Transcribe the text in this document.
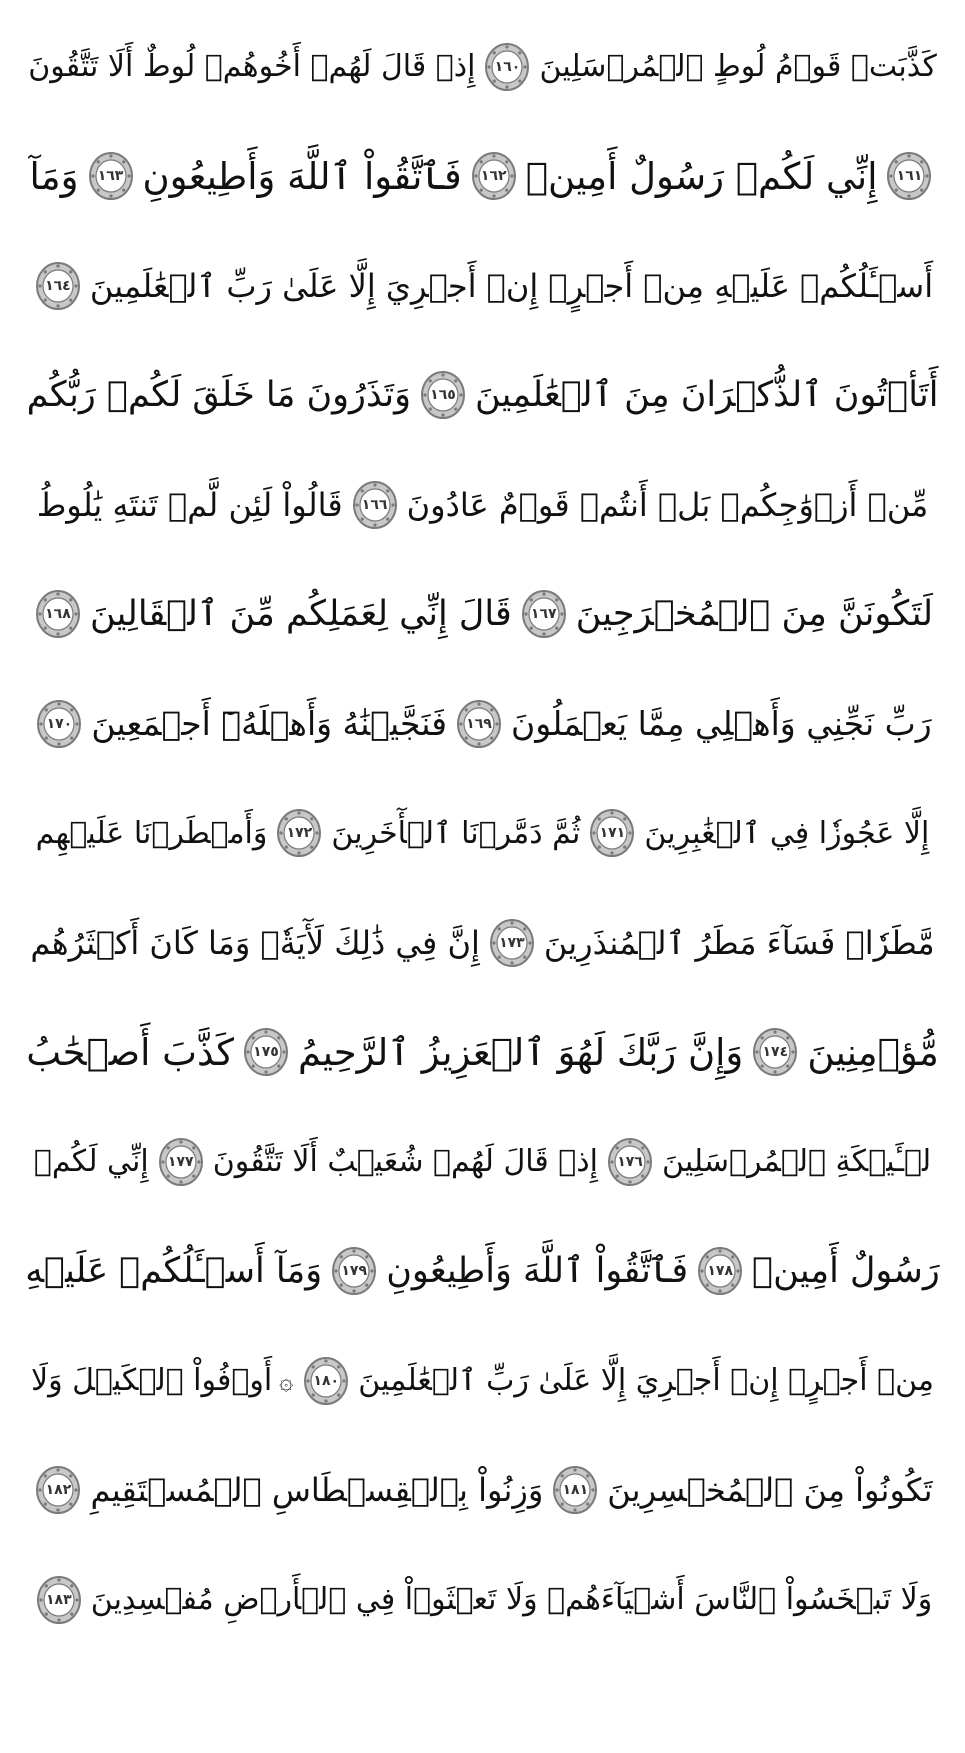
كَذَّبَتۡ قَوۡمُ لُوطٍ ٱلۡمُرۡسَلِينَ
١٦٠
إِذۡ قَالَ لَهُمۡ أَخُوهُمۡ لُوطٌ أَلَا تَتَّقُونَ
١٦١
إِنِّي لَكُمۡ رَسُولٌ أَمِينٞ
١٦٢
فَٱتَّقُواْ ٱللَّهَ وَأَطِيعُونِ
١٦٣
وَمَآ
أَسۡـَٔلُكُمۡ عَلَيۡهِ مِنۡ أَجۡرٍۖ إِنۡ أَجۡرِيَ إِلَّا عَلَىٰ رَبِّ ٱلۡعَٰلَمِينَ
١٦٤
أَتَأۡتُونَ ٱلذُّكۡرَانَ مِنَ ٱلۡعَٰلَمِينَ
١٦٥
وَتَذَرُونَ مَا خَلَقَ لَكُمۡ رَبُّكُم
مِّنۡ أَزۡوَٰجِكُمۚ بَلۡ أَنتُمۡ قَوۡمٌ عَادُونَ
١٦٦
قَالُواْ لَئِن لَّمۡ تَنتَهِ يَٰلُوطُ
لَتَكُونَنَّ مِنَ ٱلۡمُخۡرَجِينَ
١٦٧
قَالَ إِنِّي لِعَمَلِكُم مِّنَ ٱلۡقَالِينَ
١٦٨
رَبِّ نَجِّنِي وَأَهۡلِي مِمَّا يَعۡمَلُونَ
١٦٩
فَنَجَّيۡنَٰهُ وَأَهۡلَهُۥٓ أَجۡمَعِينَ
١٧٠
إِلَّا عَجُوزٗا فِي ٱلۡغَٰبِرِينَ
١٧١
ثُمَّ دَمَّرۡنَا ٱلۡأٓخَرِينَ
١٧٢
وَأَمۡطَرۡنَا عَلَيۡهِم
مَّطَرٗاۖ فَسَآءَ مَطَرُ ٱلۡمُنذَرِينَ
١٧٣
إِنَّ فِي ذَٰلِكَ لَأٓيَةٗۖ وَمَا كَانَ أَكۡثَرُهُم
مُّؤۡمِنِينَ
١٧٤
وَإِنَّ رَبَّكَ لَهُوَ ٱلۡعَزِيزُ ٱلرَّحِيمُ
١٧٥
كَذَّبَ أَصۡحَٰبُ
لۡـَٔيۡكَةِ ٱلۡمُرۡسَلِينَ
١٧٦
إِذۡ قَالَ لَهُمۡ شُعَيۡبٌ أَلَا تَتَّقُونَ
١٧٧
إِنِّي لَكُمۡ
رَسُولٌ أَمِينٞ
١٧٨
فَٱتَّقُواْ ٱللَّهَ وَأَطِيعُونِ
١٧٩
وَمَآ أَسۡـَٔلُكُمۡ عَلَيۡهِ
مِنۡ أَجۡرٍۖ إِنۡ أَجۡرِيَ إِلَّا عَلَىٰ رَبِّ ٱلۡعَٰلَمِينَ
١٨٠
۞
أَوۡفُواْ ٱلۡكَيۡلَ وَلَا
تَكُونُواْ مِنَ ٱلۡمُخۡسِرِينَ
١٨١
وَزِنُواْ بِٱلۡقِسۡطَاسِ ٱلۡمُسۡتَقِيمِ
١٨٢
وَلَا تَبۡخَسُواْ ٱلنَّاسَ أَشۡيَآءَهُمۡ وَلَا تَعۡثَوۡاْ فِي ٱلۡأَرۡضِ مُفۡسِدِينَ
١٨٣
